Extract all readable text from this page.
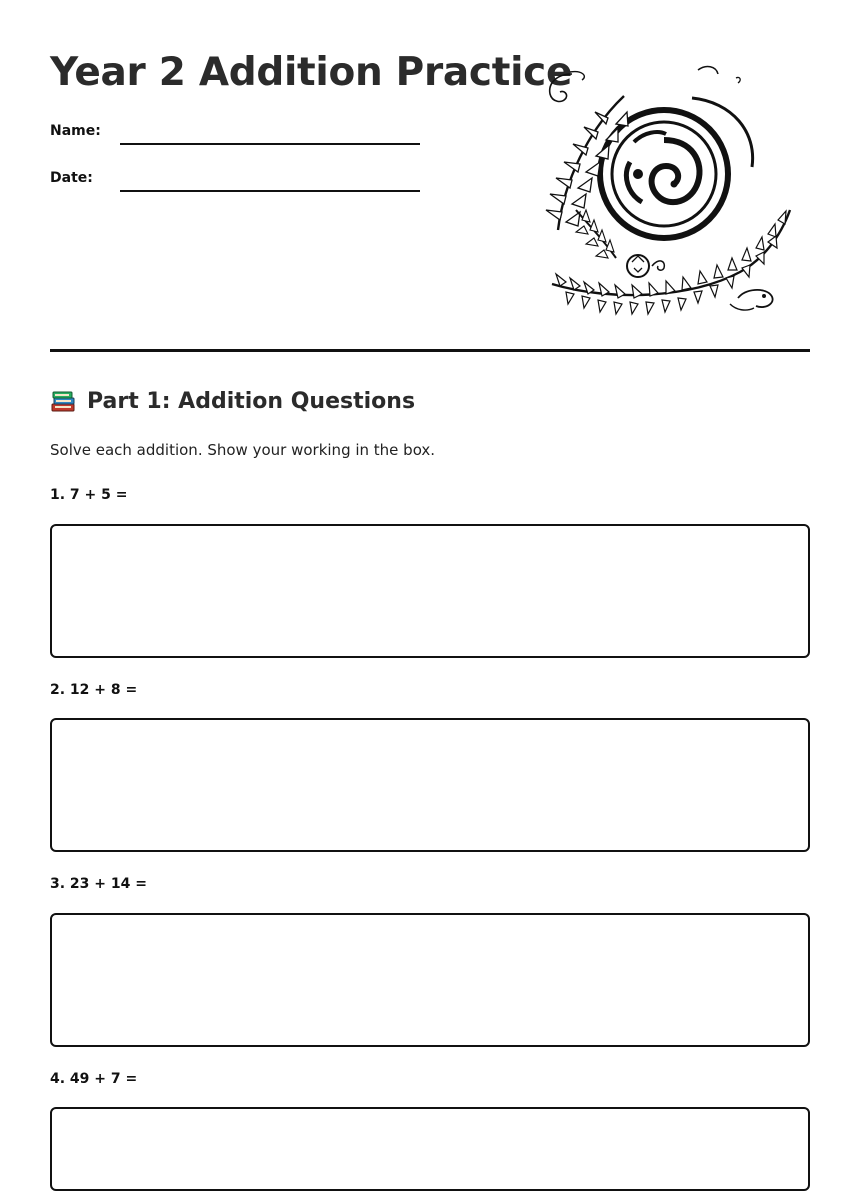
Year 2 Addition Practice
Name:
Date:
Part 1: Addition Questions

Solve each addition. Show your working in the box.

1. 7 + 5 =
2. 12 + 8 =
3. 23 + 14 =
4. 49 + 7 =
